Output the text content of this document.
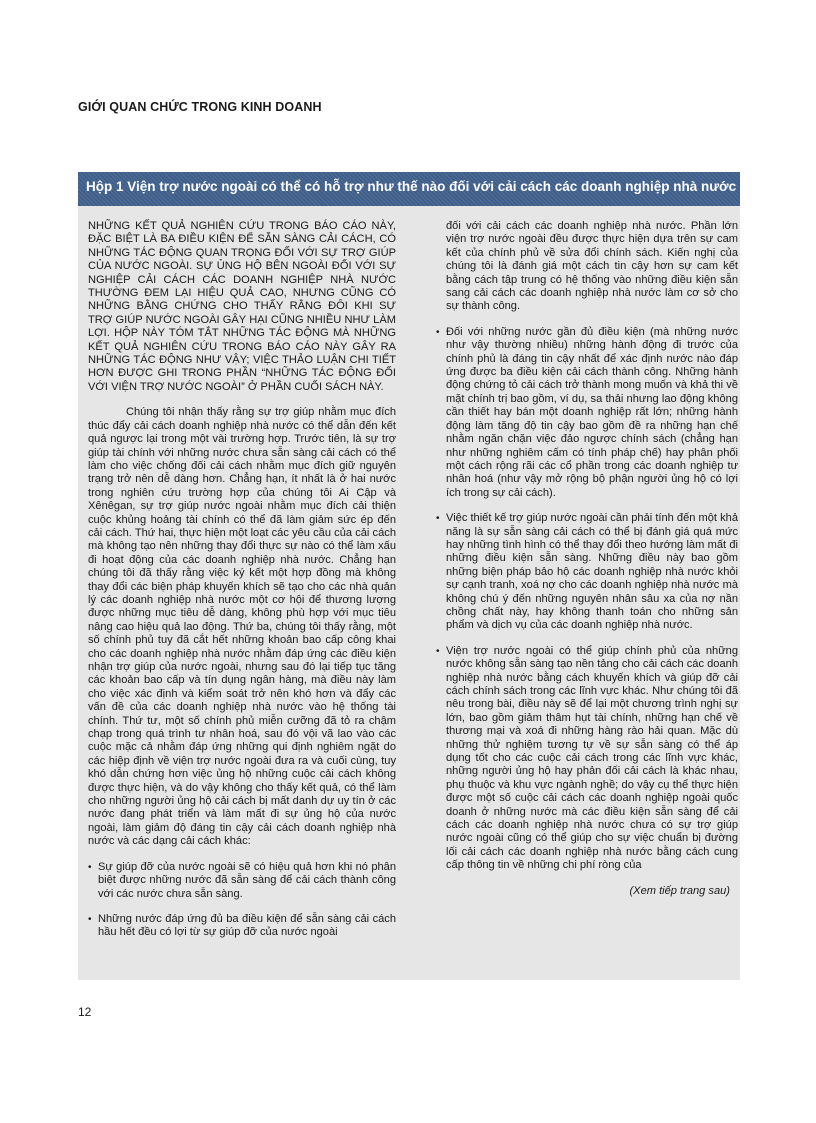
GIỚI QUAN CHỨC TRONG KINH DOANH
Hộp 1 Viện trợ nước ngoài có thể có hỗ trợ như thế nào đối với cải cách các doanh nghiệp nhà nước

NHỮNG KẾT QUẢ NGHIÊN CỨU TRONG BÁO CÁO NÀY, ĐẶC BIỆT LÀ BA ĐIỀU KIỆN ĐỂ SẴN SÀNG CẢI CÁCH, CÓ NHỮNG TÁC ĐỘNG QUAN TRỌNG ĐỐI VỚI SỰ TRỢ GIÚP CỦA NƯỚC NGOÀI. SỰ ỦNG HỘ BÊN NGOÀI ĐỐI VỚI SỰ NGHIỆP CẢI CÁCH CÁC DOANH NGHIỆP NHÀ NƯỚC THƯỜNG ĐEM LẠI HIỆU QUẢ CAO, NHƯNG CŨNG CÓ NHỮNG BẰNG CHỨNG CHO THẤY RẰNG ĐÔI KHI SỰ TRỢ GIÚP NƯỚC NGOÀI GÂY HẠI CŨNG NHIỀU NHƯ LÀM LỢI. HỘP NÀY TÓM TẮT NHỮNG TÁC ĐỘNG MÀ NHỮNG KẾT QUẢ NGHIÊN CỨU TRONG BÁO CÁO NÀY GÂY RA NHỮNG TÁC ĐỘNG NHƯ VẬY; VIỆC THẢO LUẬN CHI TIẾT HƠN ĐƯỢC GHI TRONG PHẦN “NHỮNG TÁC ĐỘNG ĐỐI VỚI VIỆN TRỢ NƯỚC NGOÀI” Ở PHẦN CUỐI SÁCH NÀY.

Chúng tôi nhận thấy rằng sự trợ giúp nhằm mục đích thúc đẩy cải cách doanh nghiệp nhà nước có thể dẫn đến kết quả ngược lại trong một vài trường hợp. Trước tiên, là sự trợ giúp tài chính với những nước chưa sẵn sàng cải cách có thể làm cho việc chống đối cải cách nhằm mục đích giữ nguyên trạng trở nên dễ dàng hơn. Chẳng hạn, ít nhất là ở hai nước trong nghiên cứu trường hợp của chúng tôi Ai Cập và Xênêgan, sự trợ giúp nước ngoài nhằm mục đích cải thiện cuộc khủng hoảng tài chính có thể đã làm giảm sức ép đến cải cách. Thứ hai, thực hiện một loạt các yêu cầu của cải cách mà không tạo nên những thay đổi thực sự nào có thể làm xấu đi hoạt động của các doanh nghiệp nhà nước. Chẳng hạn chúng tôi đã thấy rằng việc ký kết một hợp đồng mà không thay đổi các biện pháp khuyến khích sẽ tạo cho các nhà quản lý các doanh nghiệp nhà nước một cơ hội để thương lượng được những mục tiêu dễ dàng, không phù hợp với mục tiêu nâng cao hiệu quả lao động. Thứ ba, chúng tôi thấy rằng, một số chính phủ tuy đã cắt hết những khoản bao cấp công khai cho các doanh nghiệp nhà nước nhằm đáp ứng các điều kiện nhận trợ giúp của nước ngoài, nhưng sau đó lại tiếp tục tăng các khoản bao cấp và tín dụng ngân hàng, mà điều này làm cho việc xác định và kiểm soát trở nên khó hơn và đẩy các vấn đề của các doanh nghiệp nhà nước vào hệ thống tài chính. Thứ tư, một số chính phủ miễn cưỡng đã tỏ ra chậm chạp trong quá trình tư nhân hoá, sau đó vội vã lao vào các cuộc mặc cả nhằm đáp ứng những qui định nghiêm ngặt do các hiệp định về viện trợ nước ngoài đưa ra và cuối cùng, tuy khó dẫn chứng hơn việc ủng hộ những cuộc cải cách không được thực hiện, và do vậy không cho thấy kết quả, có thể làm cho những người ủng hộ cải cách bị mất danh dự uy tín ở các nước đang phát triển và làm mất đi sự ủng hộ của nước ngoài, làm giảm độ đáng tin cậy cải cách doanh nghiệp nhà nước và các dạng cải cách khác:

• Sự giúp đỡ của nước ngoài sẽ có hiệu quả hơn khi nó phân biệt được những nước đã sẵn sàng để cải cách thành công với các nước chưa sẵn sàng.
• Những nước đáp ứng đủ ba điều kiện để sẵn sàng cải cách hầu hết đều có lợi từ sự giúp đỡ của nước ngoài

đối với cải cách các doanh nghiệp nhà nước. Phần lớn viện trợ nước ngoài đều được thực hiện dựa trên sự cam kết của chính phủ về sửa đổi chính sách. Kiến nghị của chúng tôi là đánh giá một cách tin cậy hơn sự cam kết bằng cách tập trung có hệ thống vào những điều kiện sẵn sang cải cách các doanh nghiệp nhà nước làm cơ sở cho sự thành công.

• Đối với những nước gần đủ điều kiện (mà những nước như vậy thường nhiều) những hành động đi trước của chính phủ là đáng tin cậy nhất để xác định nước nào đáp ứng được ba điều kiện cải cách thành công. Những hành động chứng tỏ cải cách trở thành mong muốn và khả thi về mặt chính trị bao gồm, ví dụ, sa thải nhưng lao động không cần thiết hay bán một doanh nghiệp rất lớn; những hành động làm tăng độ tin cậy bao gồm đề ra những hạn chế nhằm ngăn chặn việc đảo ngược chính sách (chẳng hạn như những nghiêm cấm có tính pháp chế) hay phân phối một cách rộng rãi các cổ phần trong các doanh nghiệp tư nhân hoá (như vậy mở rộng bộ phận người ủng hộ có lợi ích trong sự cải cách).
• Việc thiết kế trợ giúp nước ngoài cần phải tính đến một khả năng là sự sẵn sàng cải cách có thể bị đánh giá quá mức hay những tình hình có thể thay đổi theo hướng làm mất đi những điều kiện sẵn sàng. Những điều này bao gồm những biện pháp bảo hộ các doanh nghiệp nhà nước khỏi sự cạnh tranh, xoá nợ cho các doanh nghiệp nhà nước mà không chú ý đến những nguyên nhân sâu xa của nợ nần chồng chất này, hay không thanh toán cho những sản phẩm và dịch vụ của các doanh nghiệp nhà nước.
• Viện trợ nước ngoài có thể giúp chính phủ của những nước không sẵn sàng tạo nền tảng cho cải cách các doanh nghiệp nhà nước bằng cách khuyến khích và giúp đỡ cải cách chính sách trong các lĩnh vực khác. Như chúng tôi đã nêu trong bài, điều này sẽ để lại một chương trình nghị sự lớn, bao gồm giảm thâm hụt tài chính, những hạn chế về thương mại và xoá đi những hàng rào hải quan. Mặc dù những thử nghiệm tương tự về sự sẵn sàng có thể áp dụng tốt cho các cuộc cải cách trong các lĩnh vực khác, những người ủng hộ hay phản đối cải cách là khác nhau, phụ thuộc và khu vực ngành nghề; do vậy cụ thể thực hiện được một số cuộc cải cách các doanh nghiệp ngoài quốc doanh ở những nước mà các điều kiện sẵn sàng để cải cách các doanh nghiệp nhà nước chưa có sự trợ giúp nước ngoài cũng có thể giúp cho sự việc chuẩn bị đường lối cải cách các doanh nghiệp nhà nước bằng cách cung cấp thông tin về những chi phí ròng của
(Xem tiếp trang sau)
12
